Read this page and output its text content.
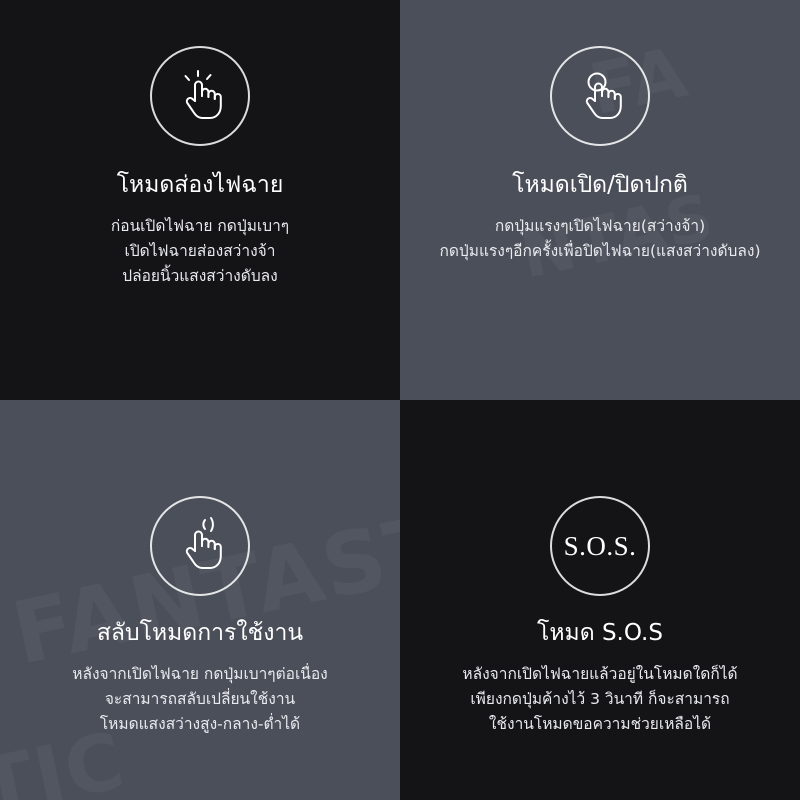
โหมดส่องไฟฉาย
ก่อนเปิดไฟฉาย กดปุ่มเบาๆ
เปิดไฟฉายส่องสว่างจ้า
ปล่อยนิ้วแสงสว่างดับลง
โหมดเปิด/ปิดปกติ
กดปุ่มแรงๆเปิดไฟฉาย(สว่างจ้า)
กดปุ่มแรงๆอีกครั้งเพื่อปิดไฟฉาย(แสงสว่างดับลง)
สลับโหมดการใช้งาน
หลังจากเปิดไฟฉาย กดปุ่มเบาๆต่อเนื่อง
จะสามารถสลับเปลี่ยนใช้งาน
โหมดแสงสว่างสูง-กลาง-ต่ำได้
S.O.S.
โหมด S.O.S
หลังจากเปิดไฟฉายแล้วอยู่ในโหมดใดก็ได้
เพียงกดปุ่มค้างไว้ 3 วินาที ก็จะสามารถ
ใช้งานโหมดขอความช่วยเหลือได้
